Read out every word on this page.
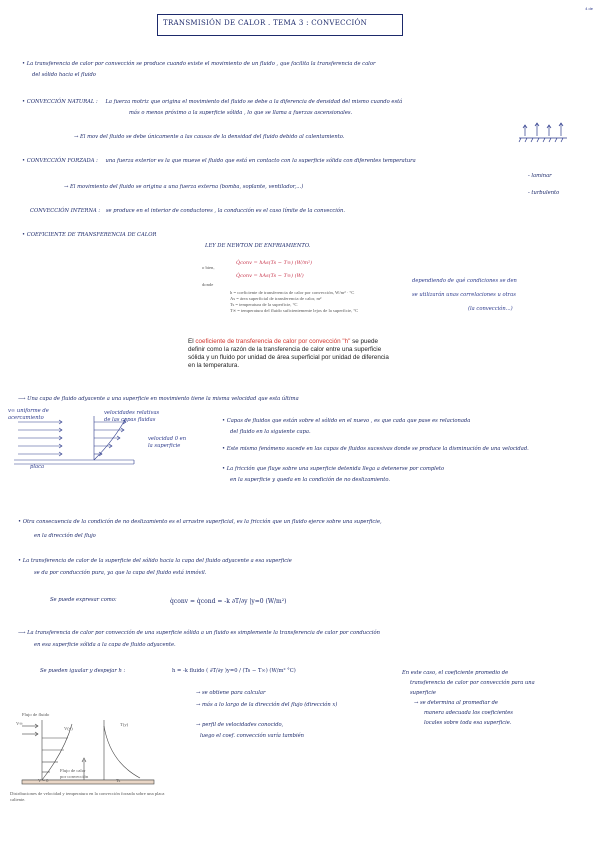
4 de
TRANSMISIÓN DE CALOR . TEMA 3 : CONVECCIÓN
• La transferencia de calor por convección se produce cuando existe el movimiento de un fluido , que facilita la transferencia de calor
del sólido hacia el fluido
• CONVECCIÓN NATURAL : La fuerza motriz que origina el movimiento del fluido se debe a la diferencia de densidad del mismo cuando está
más o menos próximo a la superficie sólida , lo que se llama a fuerzas ascensionales.
→ El mov del fluido se debe únicamente a las causas de la densidad del fluido debido al calentamiento.
• CONVECCIÓN FORZADA : una fuerza exterior es la que mueve el fluido que está en contacto con la superficie sólida con diferentes temperatura
- laminar
→ El movimiento del fluido se origina a una fuerza externa (bomba, soplante, ventilador,...)
- turbulento
CONVECCIÓN INTERNA : se produce en el interior de conductores , la conducción es el caso límite de la convección.
• COEFICIENTE DE TRANSFERENCIA DE CALOR
LEY DE NEWTON DE ENFRIAMIENTO.
Q̇conv = hAs(Ts − T∞) (W/m²)
o bien,
Q̇conv = hAs(Ts − T∞) (W)
donde
h = coeficiente de transferencia de calor por convección, W/m² · °C
As = área superficial de transferencia de calor, m²
Ts = temperatura de la superficie, °C
T∞ = temperatura del fluido suficientemente lejos de la superficie, °C
dependiendo de qué condiciones se den
se utilizarán unas correlaciones u otras
(la convección...)
El coeficiente de transferencia de calor por convección "h" se puede definir como la razón de la transferencia de calor entre una superficie sólida y un fluido por unidad de área superficial por unidad de diferencia en la temperatura.
⟶ Una capa de fluido adyacente a una superficie en movimiento tiene la misma velocidad que esta última
v∞ uniforme de
acercamiento
velocidades relativas
de las capas fluidas
velocidad 0 en
la superficie
placa
• Capas de fluidos que están sobre el sólido en el nuevo , es que cada que pase es relacionada
del fluido en la siguiente capa.
• Este mismo fenómeno sucede en las capas de fluidos sucesivas donde se produce la disminución de una velocidad.
• La fricción que fluye sobre una superficie detenida llega a detenerse por completo
en la superficie y queda en la condición de no deslizamiento.
• Otra consecuencia de la condición de no deslizamiento es el arrastre superficial, es la fricción que un fluido ejerce sobre una superficie,
en la dirección del flujo
• La transferencia de calor de la superficie del sólido hacia la capa del fluido adyacente a esa superficie
se da por conducción pura, ya que la capa del fluido está inmóvil.
Se puede expresar como:	q̇conv = q̇cond = -k ∂T/∂y |y=0 (W/m²)
⟶ La transferencia de calor por convección de una superficie sólida a un fluido es simplemente la transferencia de calor por conducción
en esa superficie sólida a la capa de fluido adyacente.
Se pueden igualar y despejar h :	h = -k fluido ( ∂T/∂y )y=0 / (Ts − T∞) (W/m² °C)
→ se obtiene para calcular
→ más a lo largo de la dirección del flujo (dirección x)
→ perfil de velocidades conocido,
luego el coef. convección varía también
En este caso, el coeficiente promedio de
transferencia de calor por convección para una
superficie
→ se determina al promediar de
manera adecuada los coeficientes
locales sobre toda esa superficie.
Flujo de fluido
V∞
V(y)
T(y)
Flujo de calor
por convección
Ts
V = 0
Distribuciones de velocidad y temperatura en la convección forzada sobre una placa caliente.
